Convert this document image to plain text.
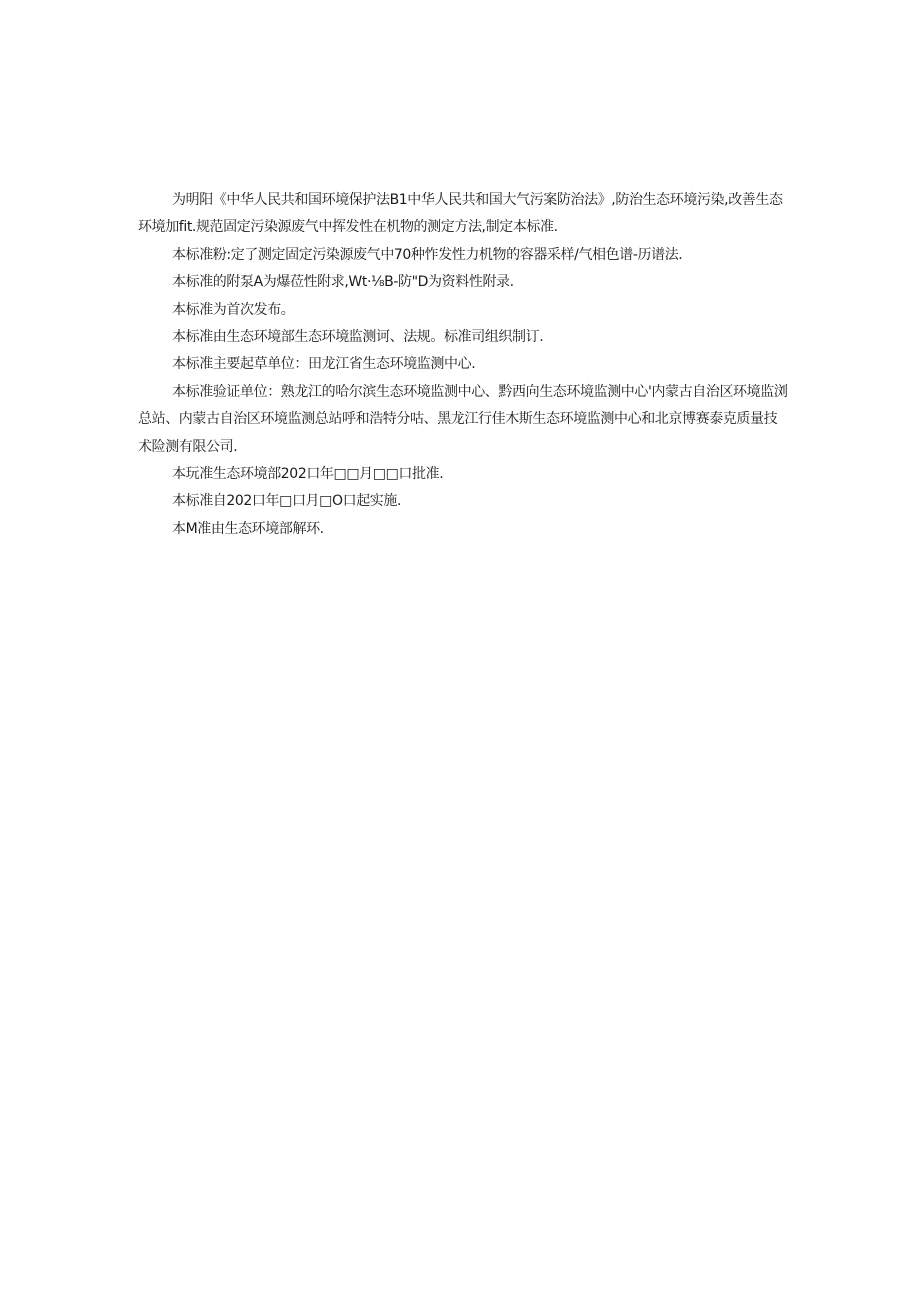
为明阳《中华人民共和国环境保护法B1中华人民共和国大气污案防治法》,防治生态环境污染,改善生态环境加fit.规范固定污染源废气中挥发性在机物的测定方法,制定本标准.

本标准粉:定了测定固定污染源废气中70种怍发性力机物的容器采样/气相色谱-历谱法.

本标准的附泵A为爆莅性附求,Wt·⅛B-防"D为资料性附录.

本标准为首次发布。

本标准由生态环境部生态环境监测诃、法规。标准司组织制订.

本标准主要起草单位：田龙江省生态环境监测中心.

本标准验证单位：熟龙江的哈尔滨生态环境监测中心、黔西向生态环境监测中心'内蒙古自治区环境监浏总站、内蒙古自治区环境监测总站呼和浩特分咕、黑龙江行佳木斯生态环境监测中心和北京博赛泰克质量技术险测有限公司.

本玩准生态环境部202口年□□月□□口批准.

本标准自202口年□口月□O口起实施.

本M准由生态环境部解环.
